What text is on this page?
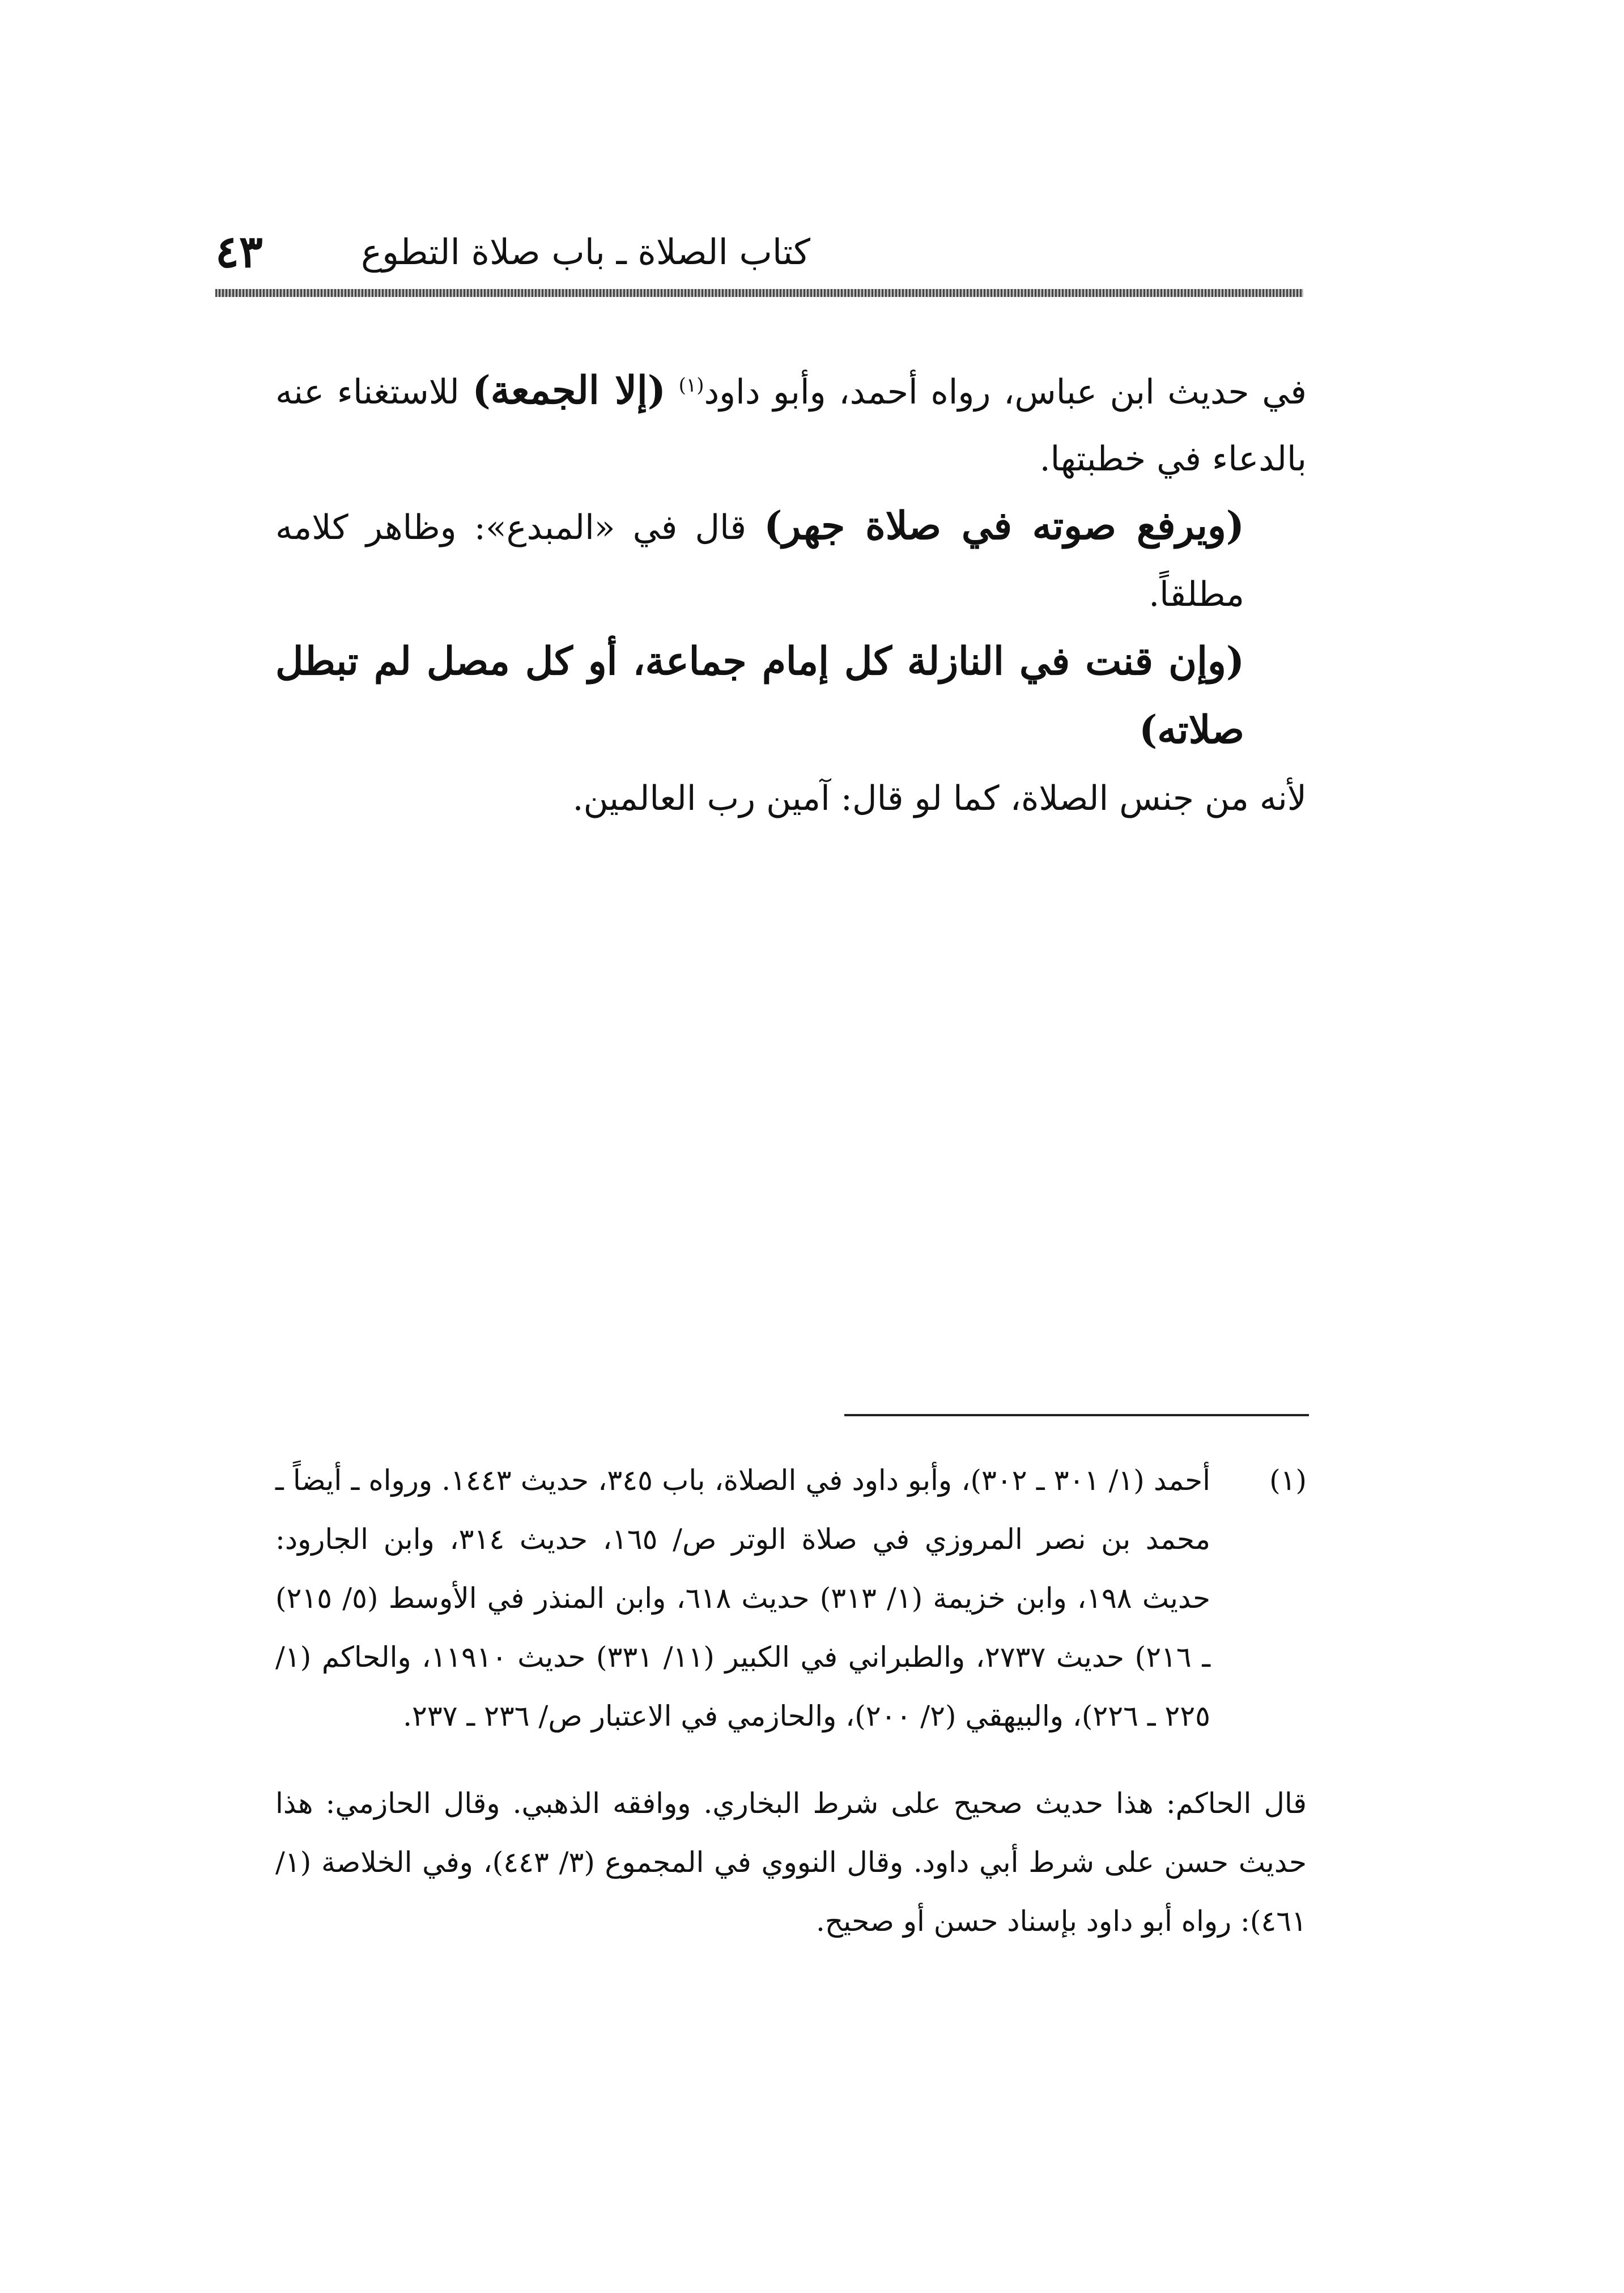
كتاب الصلاة ـ باب صلاة التطوع
٤٣

في حديث ابن عباس، رواه أحمد، وأبو داود$^{(١)}$ (إلا الجمعة) للاستغناء عنه بالدعاء في خطبتها.

(ويرفع صوته في صلاة جهر) قال في «المبدع»: وظاهر كلامه مطلقاً.

(وإن قنت في النازلة كل إمام جماعة، أو كل مصل لم تبطل صلاته)

لأنه من جنس الصلاة، كما لو قال: آمين رب العالمين.

(١)

أحمد (١/ ٣٠١ ـ ٣٠٢)، وأبو داود في الصلاة، باب ٣٤٥، حديث ١٤٤٣. ورواه ـ أيضاً ـ محمد بن نصر المروزي في صلاة الوتر ص/ ١٦٥، حديث ٣١٤، وابن الجارود: حديث ١٩٨، وابن خزيمة (١/ ٣١٣) حديث ٦١٨، وابن المنذر في الأوسط (٥/ ٢١٥) ـ ٢١٦) حديث ٢٧٣٧، والطبراني في الكبير (١١/ ٣٣١) حديث ١١٩١٠، والحاكم (١/ ٢٢٥ ـ ٢٢٦)، والبيهقي (٢/ ٢٠٠)، والحازمي في الاعتبار ص/ ٢٣٦ ـ ٢٣٧.

قال الحاكم: هذا حديث صحيح على شرط البخاري. ووافقه الذهبي. وقال الحازمي: هذا حديث حسن على شرط أبي داود. وقال النووي في المجموع (٣/ ٤٤٣)، وفي الخلاصة (١/ ٤٦١): رواه أبو داود بإسناد حسن أو صحيح.
